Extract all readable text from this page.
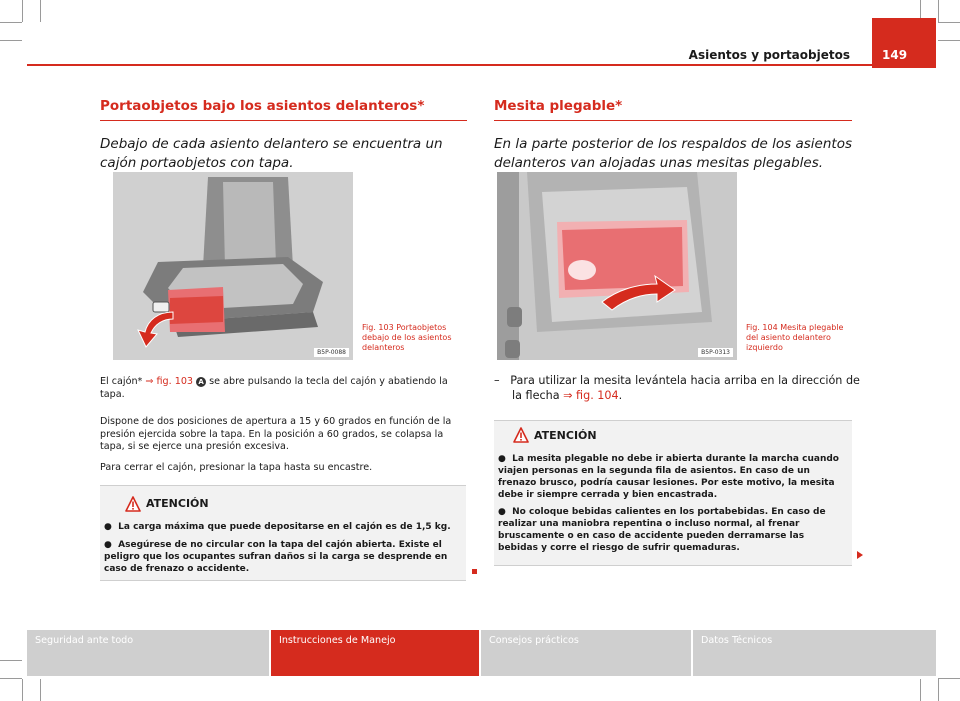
Asientos y portaobjetos	149
Portaobjetos bajo los asientos delanteros*

Debajo de cada asiento delantero se encuentra un cajón portaobjetos con tapa.

B5P-0088
Fig. 103 Portaobjetos
debajo de los asientos delanteros

El cajón* ⇒ fig. 103 A se abre pulsando la tecla del cajón y abatiendo la tapa.

Dispone de dos posiciones de apertura a 15 y 60 grados en función de la presión ejercida sobre la tapa. En la posición a 60 grados, se colapsa la tapa, si se ejerce una presión excesiva.

Para cerrar el cajón, presionar la tapa hasta su encastre.

ATENCIÓN

● La carga máxima que puede depositarse en el cajón es de 1,5 kg.

● Asegúrese de no circular con la tapa del cajón abierta. Existe el peligro que los ocupantes sufran daños si la carga se desprende en caso de frenazo o accidente.

Mesita plegable*

En la parte posterior de los respaldos de los asientos delanteros van alojadas unas mesitas plegables.

B5P-0313
Fig. 104 Mesita plegable
del asiento delantero izquierdo

– Para utilizar la mesita levántela hacia arriba en la dirección de la flecha ⇒ fig. 104.

ATENCIÓN

● La mesita plegable no debe ir abierta durante la marcha cuando viajen personas en la segunda fila de asientos. En caso de un frenazo brusco, podría causar lesiones. Por este motivo, la mesita debe ir siempre cerrada y bien encastrada.

● No coloque bebidas calientes en los portabebidas. En caso de realizar una maniobra repentina o incluso normal, al frenar bruscamente o en caso de accidente pueden derramarse las bebidas y corre el riesgo de sufrir quemaduras.

Seguridad ante todo	Instrucciones de Manejo	Consejos prácticos	Datos Técnicos
